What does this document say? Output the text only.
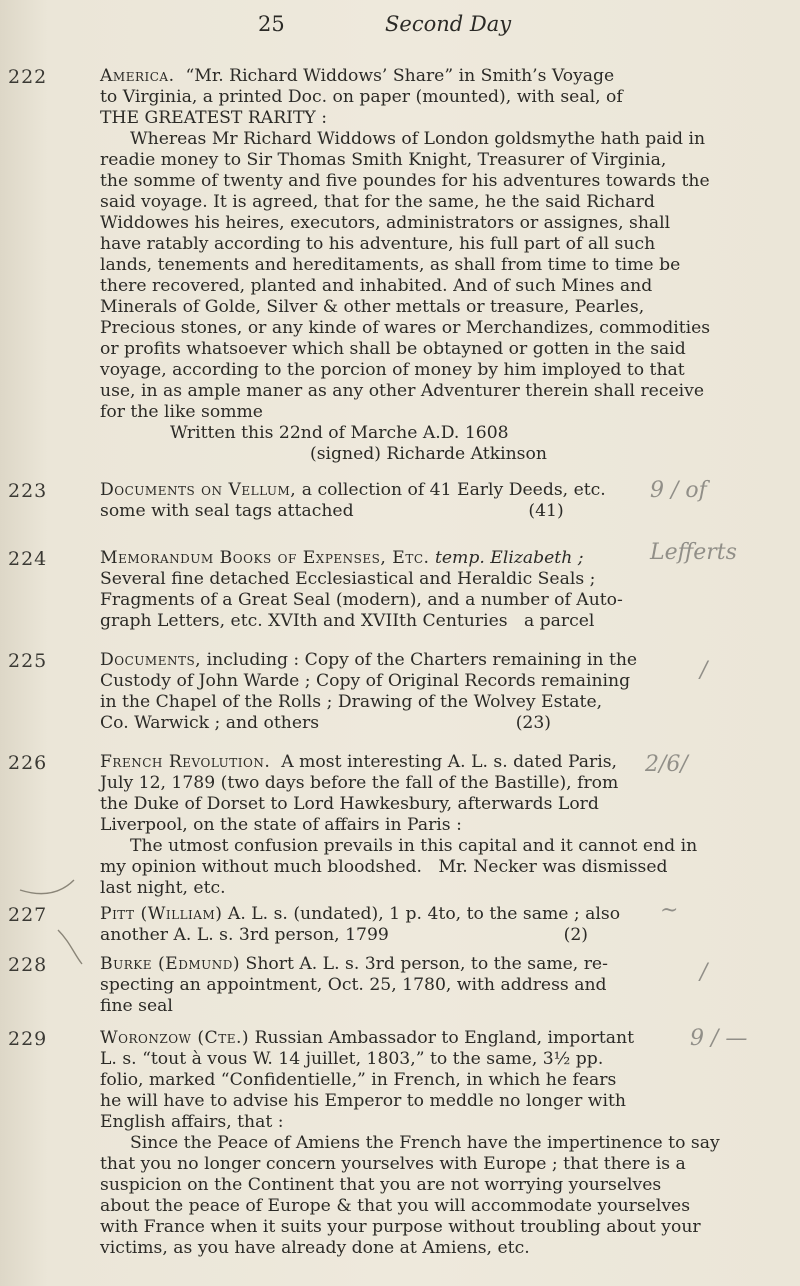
25	Second Day
222	America. “Mr. Richard Widdows’ Share” in Smith’s Voyage

to Virginia, a printed Doc. on paper (mounted), with seal, of

THE GREATEST RARITY :

Whereas Mr Richard Widdows of London goldsmythe hath paid in

readie money to Sir Thomas Smith Knight, Treasurer of Virginia,

the somme of twenty and five poundes for his adventures towards the

said voyage. It is agreed, that for the same, he the said Richard

Widdowes his heires, executors, administrators or assignes, shall

have ratably according to his adventure, his full part of all such

lands, tenements and hereditaments, as shall from time to time be

there recovered, planted and inhabited. And of such Mines and

Minerals of Golde, Silver & other mettals or treasure, Pearles,

Precious stones, or any kinde of wares or Merchandizes, commodities

or profits whatsoever which shall be obtayned or gotten in the said

voyage, according to the porcion of money by him imployed to that

use, in as ample maner as any other Adventurer therein shall receive

for the like somme

Written this 22nd of Marche A.D. 1608

(signed) Richarde Atkinson

223	Documents on Vellum, a collection of 41 Early Deeds, etc.

some with seal tags attached                                (41)

9 / of
224	Memorandum Books of Expenses, Etc. temp. Elizabeth ;

Several fine detached Ecclesiastical and Heraldic Seals ;

Fragments of a Great Seal (modern), and a number of Auto-

graph Letters, etc. XVIth and XVIIth Centuries   a parcel

Lefferts
225	Documents, including : Copy of the Charters remaining in the

Custody of John Warde ; Copy of Original Records remaining

in the Chapel of the Rolls ; Drawing of the Wolvey Estate,

Co. Warwick ; and others                                    (23)

/
226	French Revolution. A most interesting A. L. s. dated Paris,

July 12, 1789 (two days before the fall of the Bastille), from

the Duke of Dorset to Lord Hawkesbury, afterwards Lord

Liverpool, on the state of affairs in Paris :

The utmost confusion prevails in this capital and it cannot end in

my opinion without much bloodshed.   Mr. Necker was dismissed

last night, etc.

2/6/
227	Pitt (William) A. L. s. (undated), 1 p. 4to, to the same ; also

another A. L. s. 3rd person, 1799                                (2)

~
228	Burke (Edmund) Short A. L. s. 3rd person, to the same, re-

specting an appointment, Oct. 25, 1780, with address and

fine seal

/
229	Woronzow (Cte.) Russian Ambassador to England, important

L. s. “tout à vous W. 14 juillet, 1803,” to the same, 3½ pp.

folio, marked “Confidentielle,” in French, in which he fears

he will have to advise his Emperor to meddle no longer with

English affairs, that :

Since the Peace of Amiens the French have the impertinence to say

that you no longer concern yourselves with Europe ; that there is a

suspicion on the Continent that you are not worrying yourselves

about the peace of Europe & that you will accommodate yourselves

with France when it suits your purpose without troubling about your

victims, as you have already done at Amiens, etc.

9 / —
